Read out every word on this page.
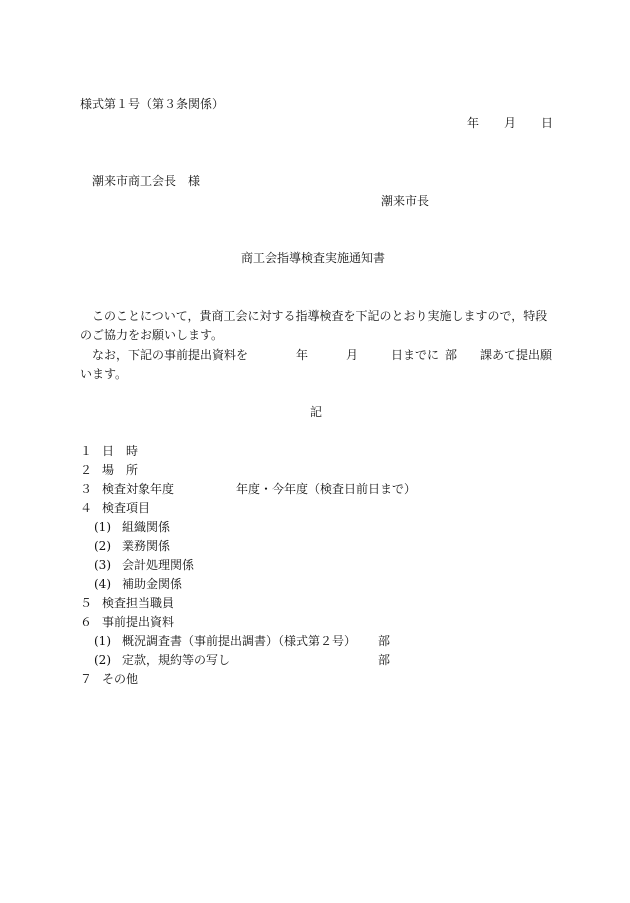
様式第１号（第３条関係）
年 月 日
潮来市商工会長　様
潮来市長
商工会指導検査実施通知書
このことについて，貴商工会に対する指導検査を下記のとおり実施しますので，特段
のご協力をお願いします。
なお，下記の事前提出資料を	年	月	日までに 部 課あて提出願
います。
記
１ 日　時
２ 場　所
３ 検査対象年度	年度・今年度（検査日前日まで）
４ 検査項目
(1) 組織関係
(2) 業務関係
(3) 会計処理関係
(4) 補助金関係
５ 検査担当職員
６ 事前提出資料
(1) 概況調査書（事前提出調書）（様式第２号） 部
(2) 定款，規約等の写し	部
７ その他
